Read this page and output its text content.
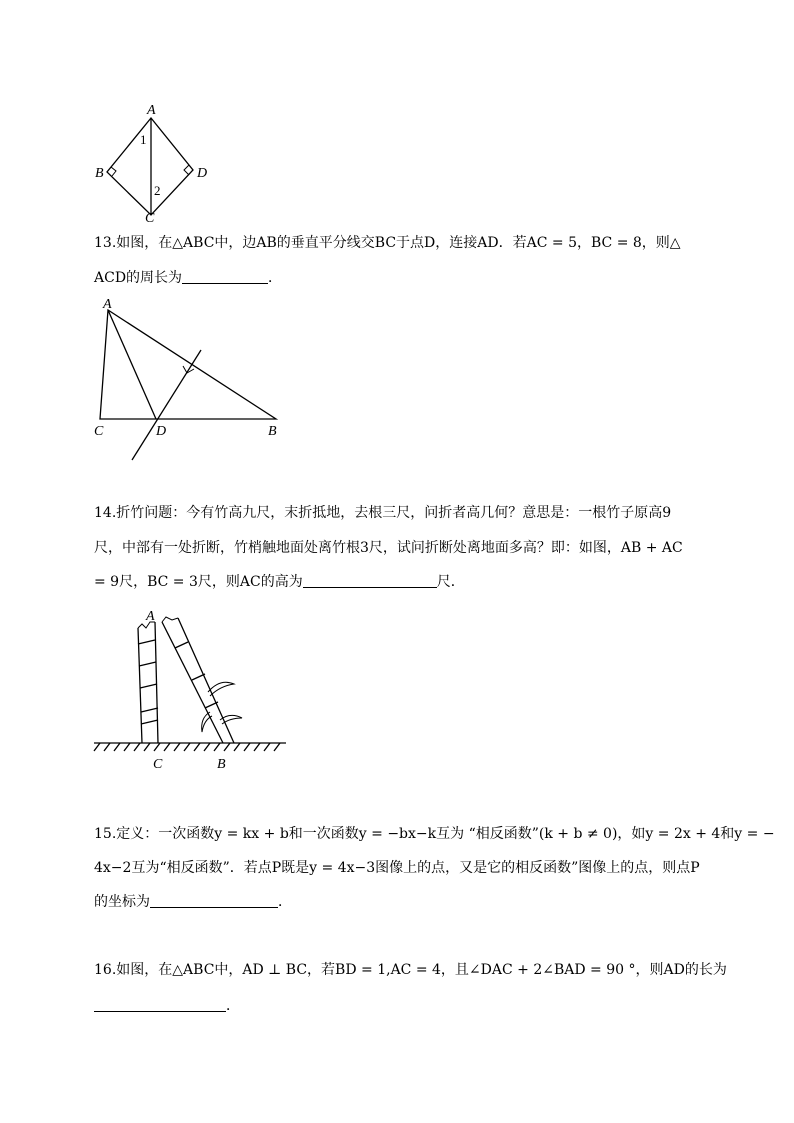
A
B
C
D
1
2
13.如图，在△ABC中，边AB的垂直平分线交BC于点D，连接AD．若AC = 5，BC = 8，则△
ACD的周长为	．
A
C	D	B
14.折竹问题：今有竹高九尺，末折抵地，去根三尺，问折者高几何？意思是：一根竹子原高9
尺，中部有一处折断，竹梢触地面处离竹根3尺，试问折断处离地面多高？即：如图，AB + AC
= 9尺，BC = 3尺，则AC的高为	尺．
A
C	B
15.定义：一次函数y = kx + b和一次函数y = −bx−k互为 “相反函数”(k + b ≠ 0)，如y = 2x + 4和y = −
4x−2互为“相反函数”．若点P既是y = 4x−3图像上的点，又是它的相反函数”图像上的点，则点P
的坐标为	．
16.如图，在△ABC中，AD ⊥ BC，若BD = 1,AC = 4，且∠DAC + 2∠BAD = 90 °，则AD的长为
．
